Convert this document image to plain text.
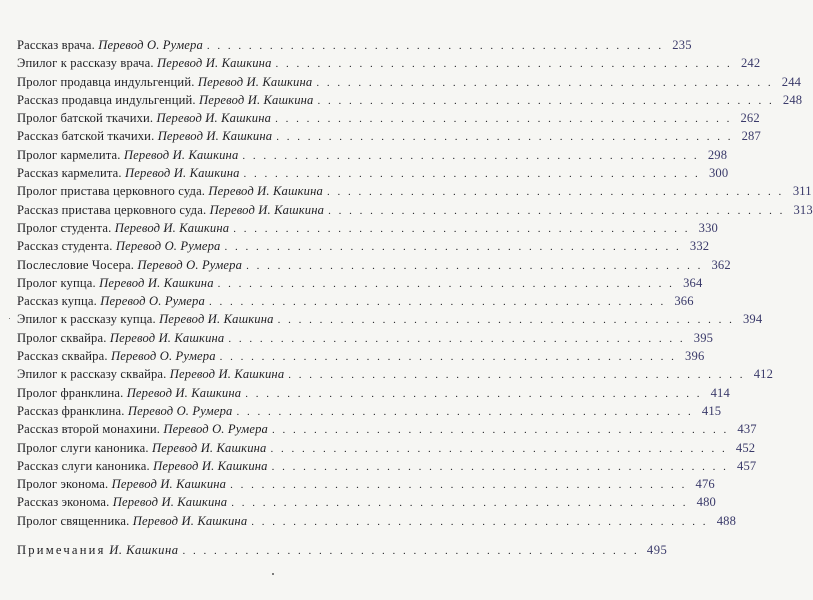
Рассказ врача. Перевод О. Румера . . . . . . . . . . . . . . . . . . . . . . . . . . . . . . . . . . . . . . . . . . . . 235
Эпилог к рассказу врача. Перевод И. Кашкина . . . . . . . . . . . . . . . . . . . . . . . . . . . . . . . . . . . . . . . . . . . . 242
Пролог продавца индульгенций. Перевод И. Кашкина . . . . . . . . . . . . . . . . . . . . . . . . . . . . . . . . . . . . . . . . . . . . 244
Рассказ продавца индульгенций. Перевод И. Кашкина . . . . . . . . . . . . . . . . . . . . . . . . . . . . . . . . . . . . . . . . . . . . 248
Пролог батской ткачихи. Перевод И. Кашкина . . . . . . . . . . . . . . . . . . . . . . . . . . . . . . . . . . . . . . . . . . . . 262
Рассказ батской ткачихи. Перевод И. Кашкина . . . . . . . . . . . . . . . . . . . . . . . . . . . . . . . . . . . . . . . . . . . . 287
Пролог кармелита. Перевод И. Кашкина . . . . . . . . . . . . . . . . . . . . . . . . . . . . . . . . . . . . . . . . . . . . 298
Рассказ кармелита. Перевод И. Кашкина . . . . . . . . . . . . . . . . . . . . . . . . . . . . . . . . . . . . . . . . . . . . 300
Пролог пристава церковного суда. Перевод И. Кашкина . . . . . . . . . . . . . . . . . . . . . . . . . . . . . . . . . . . . . . . . . . . . 311
Рассказ пристава церковного суда. Перевод И. Кашкина . . . . . . . . . . . . . . . . . . . . . . . . . . . . . . . . . . . . . . . . . . . . 313
Пролог студента. Перевод И. Кашкина . . . . . . . . . . . . . . . . . . . . . . . . . . . . . . . . . . . . . . . . . . . . 330
Рассказ студента. Перевод О. Румера . . . . . . . . . . . . . . . . . . . . . . . . . . . . . . . . . . . . . . . . . . . . 332
Послесловие Чосера. Перевод О. Румера . . . . . . . . . . . . . . . . . . . . . . . . . . . . . . . . . . . . . . . . . . . . 362
Пролог купца. Перевод И. Кашкина . . . . . . . . . . . . . . . . . . . . . . . . . . . . . . . . . . . . . . . . . . . . 364
Рассказ купца. Перевод О. Румера . . . . . . . . . . . . . . . . . . . . . . . . . . . . . . . . . . . . . . . . . . . . 366
Эпилог к рассказу купца. Перевод И. Кашкина . . . . . . . . . . . . . . . . . . . . . . . . . . . . . . . . . . . . . . . . . . . . 394
Пролог сквайра. Перевод И. Кашкина . . . . . . . . . . . . . . . . . . . . . . . . . . . . . . . . . . . . . . . . . . . . 395
Рассказ сквайра. Перевод О. Румера . . . . . . . . . . . . . . . . . . . . . . . . . . . . . . . . . . . . . . . . . . . . 396
Эпилог к рассказу сквайра. Перевод И. Кашкина . . . . . . . . . . . . . . . . . . . . . . . . . . . . . . . . . . . . . . . . . . . . 412
Пролог франклина. Перевод И. Кашкина . . . . . . . . . . . . . . . . . . . . . . . . . . . . . . . . . . . . . . . . . . . . 414
Рассказ франклина. Перевод О. Румера . . . . . . . . . . . . . . . . . . . . . . . . . . . . . . . . . . . . . . . . . . . . 415
Рассказ второй монахини. Перевод О. Румера . . . . . . . . . . . . . . . . . . . . . . . . . . . . . . . . . . . . . . . . . . . . 437
Пролог слуги каноника. Перевод И. Кашкина . . . . . . . . . . . . . . . . . . . . . . . . . . . . . . . . . . . . . . . . . . . . 452
Рассказ слуги каноника. Перевод И. Кашкина . . . . . . . . . . . . . . . . . . . . . . . . . . . . . . . . . . . . . . . . . . . . 457
Пролог эконома. Перевод И. Кашкина . . . . . . . . . . . . . . . . . . . . . . . . . . . . . . . . . . . . . . . . . . . . 476
Рассказ эконома. Перевод И. Кашкина . . . . . . . . . . . . . . . . . . . . . . . . . . . . . . . . . . . . . . . . . . . . 480
Пролог священника. Перевод И. Кашкина . . . . . . . . . . . . . . . . . . . . . . . . . . . . . . . . . . . . . . . . . . . . 488
Примечания И. Кашкина . . . . . . . . . . . . . . . . . . . . . . . . . . . . . . . . . . . . . . . . . . . . 495
